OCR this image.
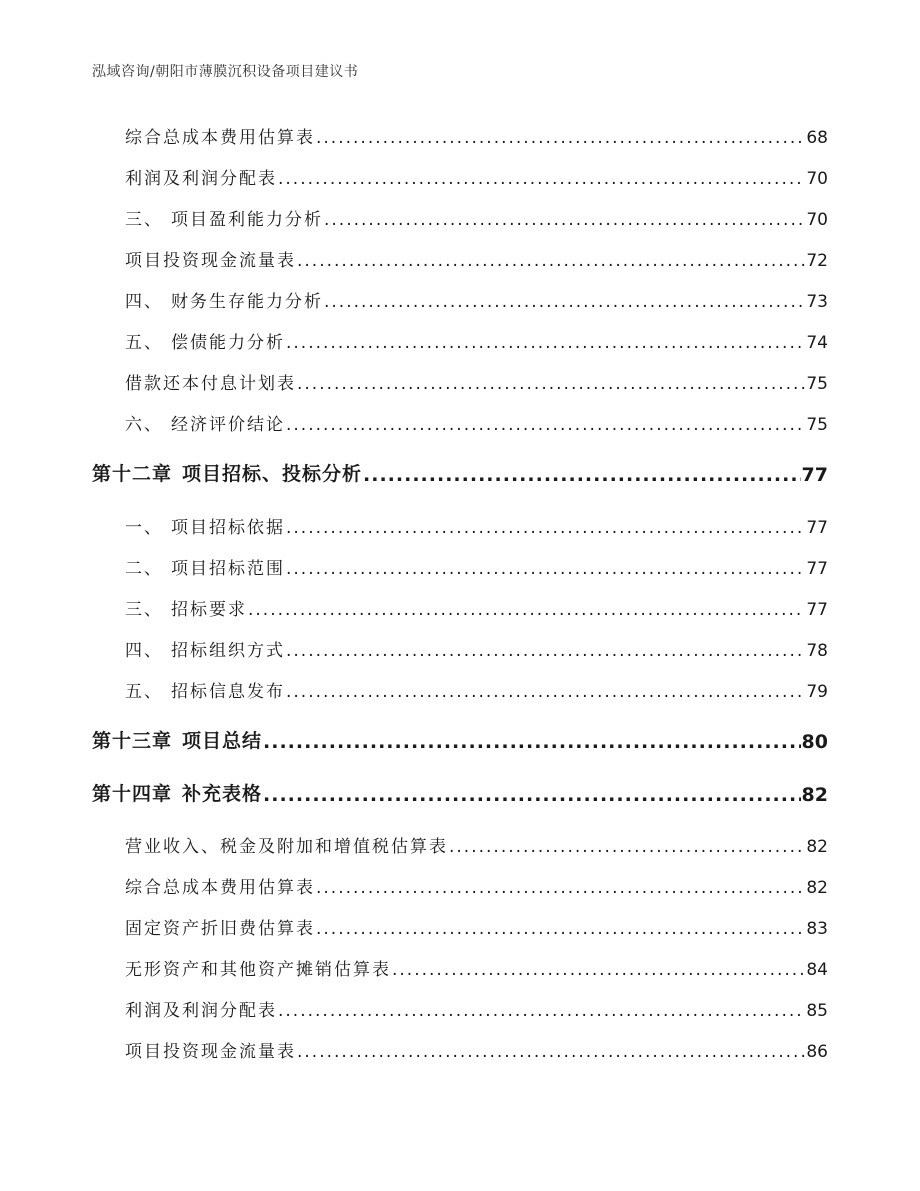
泓域咨询/朝阳市薄膜沉积设备项目建议书
综合总成本费用估算表 .....	68
利润及利润分配表 .....	70
三、 项目盈利能力分析 .....	70
项目投资现金流量表 .....	72
四、 财务生存能力分析 .....	73
五、 偿债能力分析 .....	74
借款还本付息计划表 .....	75
六、 经济评价结论 .....	75
第十二章 项目招标、投标分析 .....	77
一、 项目招标依据 .....	77
二、 项目招标范围 .....	77
三、 招标要求 .....	77
四、 招标组织方式 .....	78
五、 招标信息发布 .....	79
第十三章 项目总结 .....	80
第十四章 补充表格 .....	82
营业收入、税金及附加和增值税估算表 .....	82
综合总成本费用估算表 .....	82
固定资产折旧费估算表 .....	83
无形资产和其他资产摊销估算表 .....	84
利润及利润分配表 .....	85
项目投资现金流量表 .....	86
